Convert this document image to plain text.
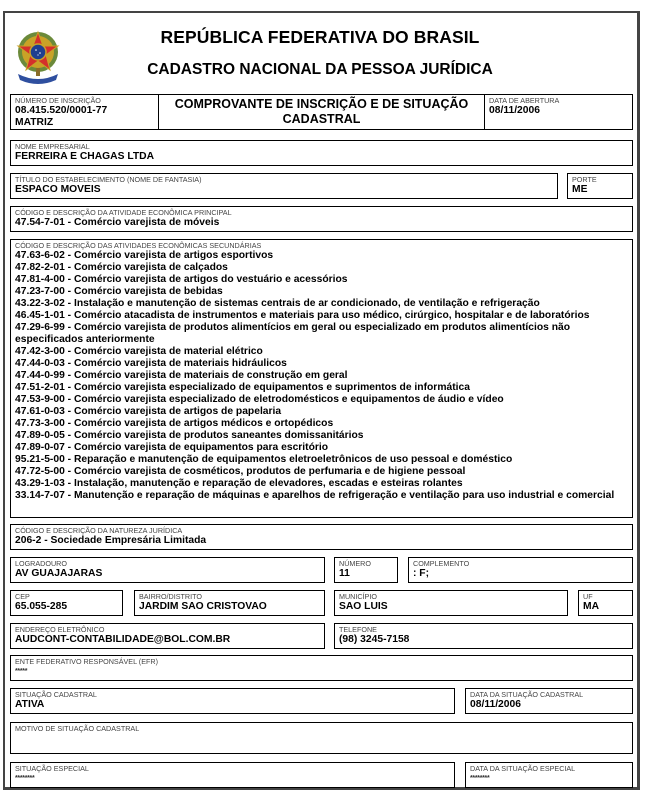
REPÚBLICA FEDERATIVA DO BRASIL
CADASTRO NACIONAL DA PESSOA JURÍDICA
NÚMERO DE INSCRIÇÃO
08.415.520/0001-77
MATRIZ
COMPROVANTE DE INSCRIÇÃO E DE SITUAÇÃO
CADASTRAL
DATA DE ABERTURA
08/11/2006
NOME EMPRESARIAL
FERREIRA E CHAGAS LTDA
TÍTULO DO ESTABELECIMENTO (NOME DE FANTASIA)
ESPACO MOVEIS
PORTE
ME
CÓDIGO E DESCRIÇÃO DA ATIVIDADE ECONÔMICA PRINCIPAL
47.54-7-01 - Comércio varejista de móveis
CÓDIGO E DESCRIÇÃO DAS ATIVIDADES ECONÔMICAS SECUNDÁRIAS
47.63-6-02 - Comércio varejista de artigos esportivos
47.82-2-01 - Comércio varejista de calçados
47.81-4-00 - Comércio varejista de artigos do vestuário e acessórios
47.23-7-00 - Comércio varejista de bebidas
43.22-3-02 - Instalação e manutenção de sistemas centrais de ar condicionado, de ventilação e refrigeração
46.45-1-01 - Comércio atacadista de instrumentos e materiais para uso médico, cirúrgico, hospitalar e de laboratórios
47.29-6-99 - Comércio varejista de produtos alimentícios em geral ou especializado em produtos alimentícios não especificados anteriormente
47.42-3-00 - Comércio varejista de material elétrico
47.44-0-03 - Comércio varejista de materiais hidráulicos
47.44-0-99 - Comércio varejista de materiais de construção em geral
47.51-2-01 - Comércio varejista especializado de equipamentos e suprimentos de informática
47.53-9-00 - Comércio varejista especializado de eletrodomésticos e equipamentos de áudio e vídeo
47.61-0-03 - Comércio varejista de artigos de papelaria
47.73-3-00 - Comércio varejista de artigos médicos e ortopédicos
47.89-0-05 - Comércio varejista de produtos saneantes domissanitários
47.89-0-07 - Comércio varejista de equipamentos para escritório
95.21-5-00 - Reparação e manutenção de equipamentos eletroeletrônicos de uso pessoal e doméstico
47.72-5-00 - Comércio varejista de cosméticos, produtos de perfumaria e de higiene pessoal
43.29-1-03 - Instalação, manutenção e reparação de elevadores, escadas e esteiras rolantes
33.14-7-07 - Manutenção e reparação de máquinas e aparelhos de refrigeração e ventilação para uso industrial e comercial
CÓDIGO E DESCRIÇÃO DA NATUREZA JURÍDICA
206-2 - Sociedade Empresária Limitada
LOGRADOURO
AV GUAJAJARAS
NÚMERO
11
COMPLEMENTO
: F;
CEP
65.055-285
BAIRRO/DISTRITO
JARDIM SAO CRISTOVAO
MUNICÍPIO
SAO LUIS
UF
MA
ENDEREÇO ELETRÔNICO
AUDCONT-CONTABILIDADE@BOL.COM.BR
TELEFONE
(98) 3245-7158
ENTE FEDERATIVO RESPONSÁVEL (EFR)
*****
SITUAÇÃO CADASTRAL
ATIVA
DATA DA SITUAÇÃO CADASTRAL
08/11/2006
MOTIVO DE SITUAÇÃO CADASTRAL
SITUAÇÃO ESPECIAL
********
DATA DA SITUAÇÃO ESPECIAL
********
